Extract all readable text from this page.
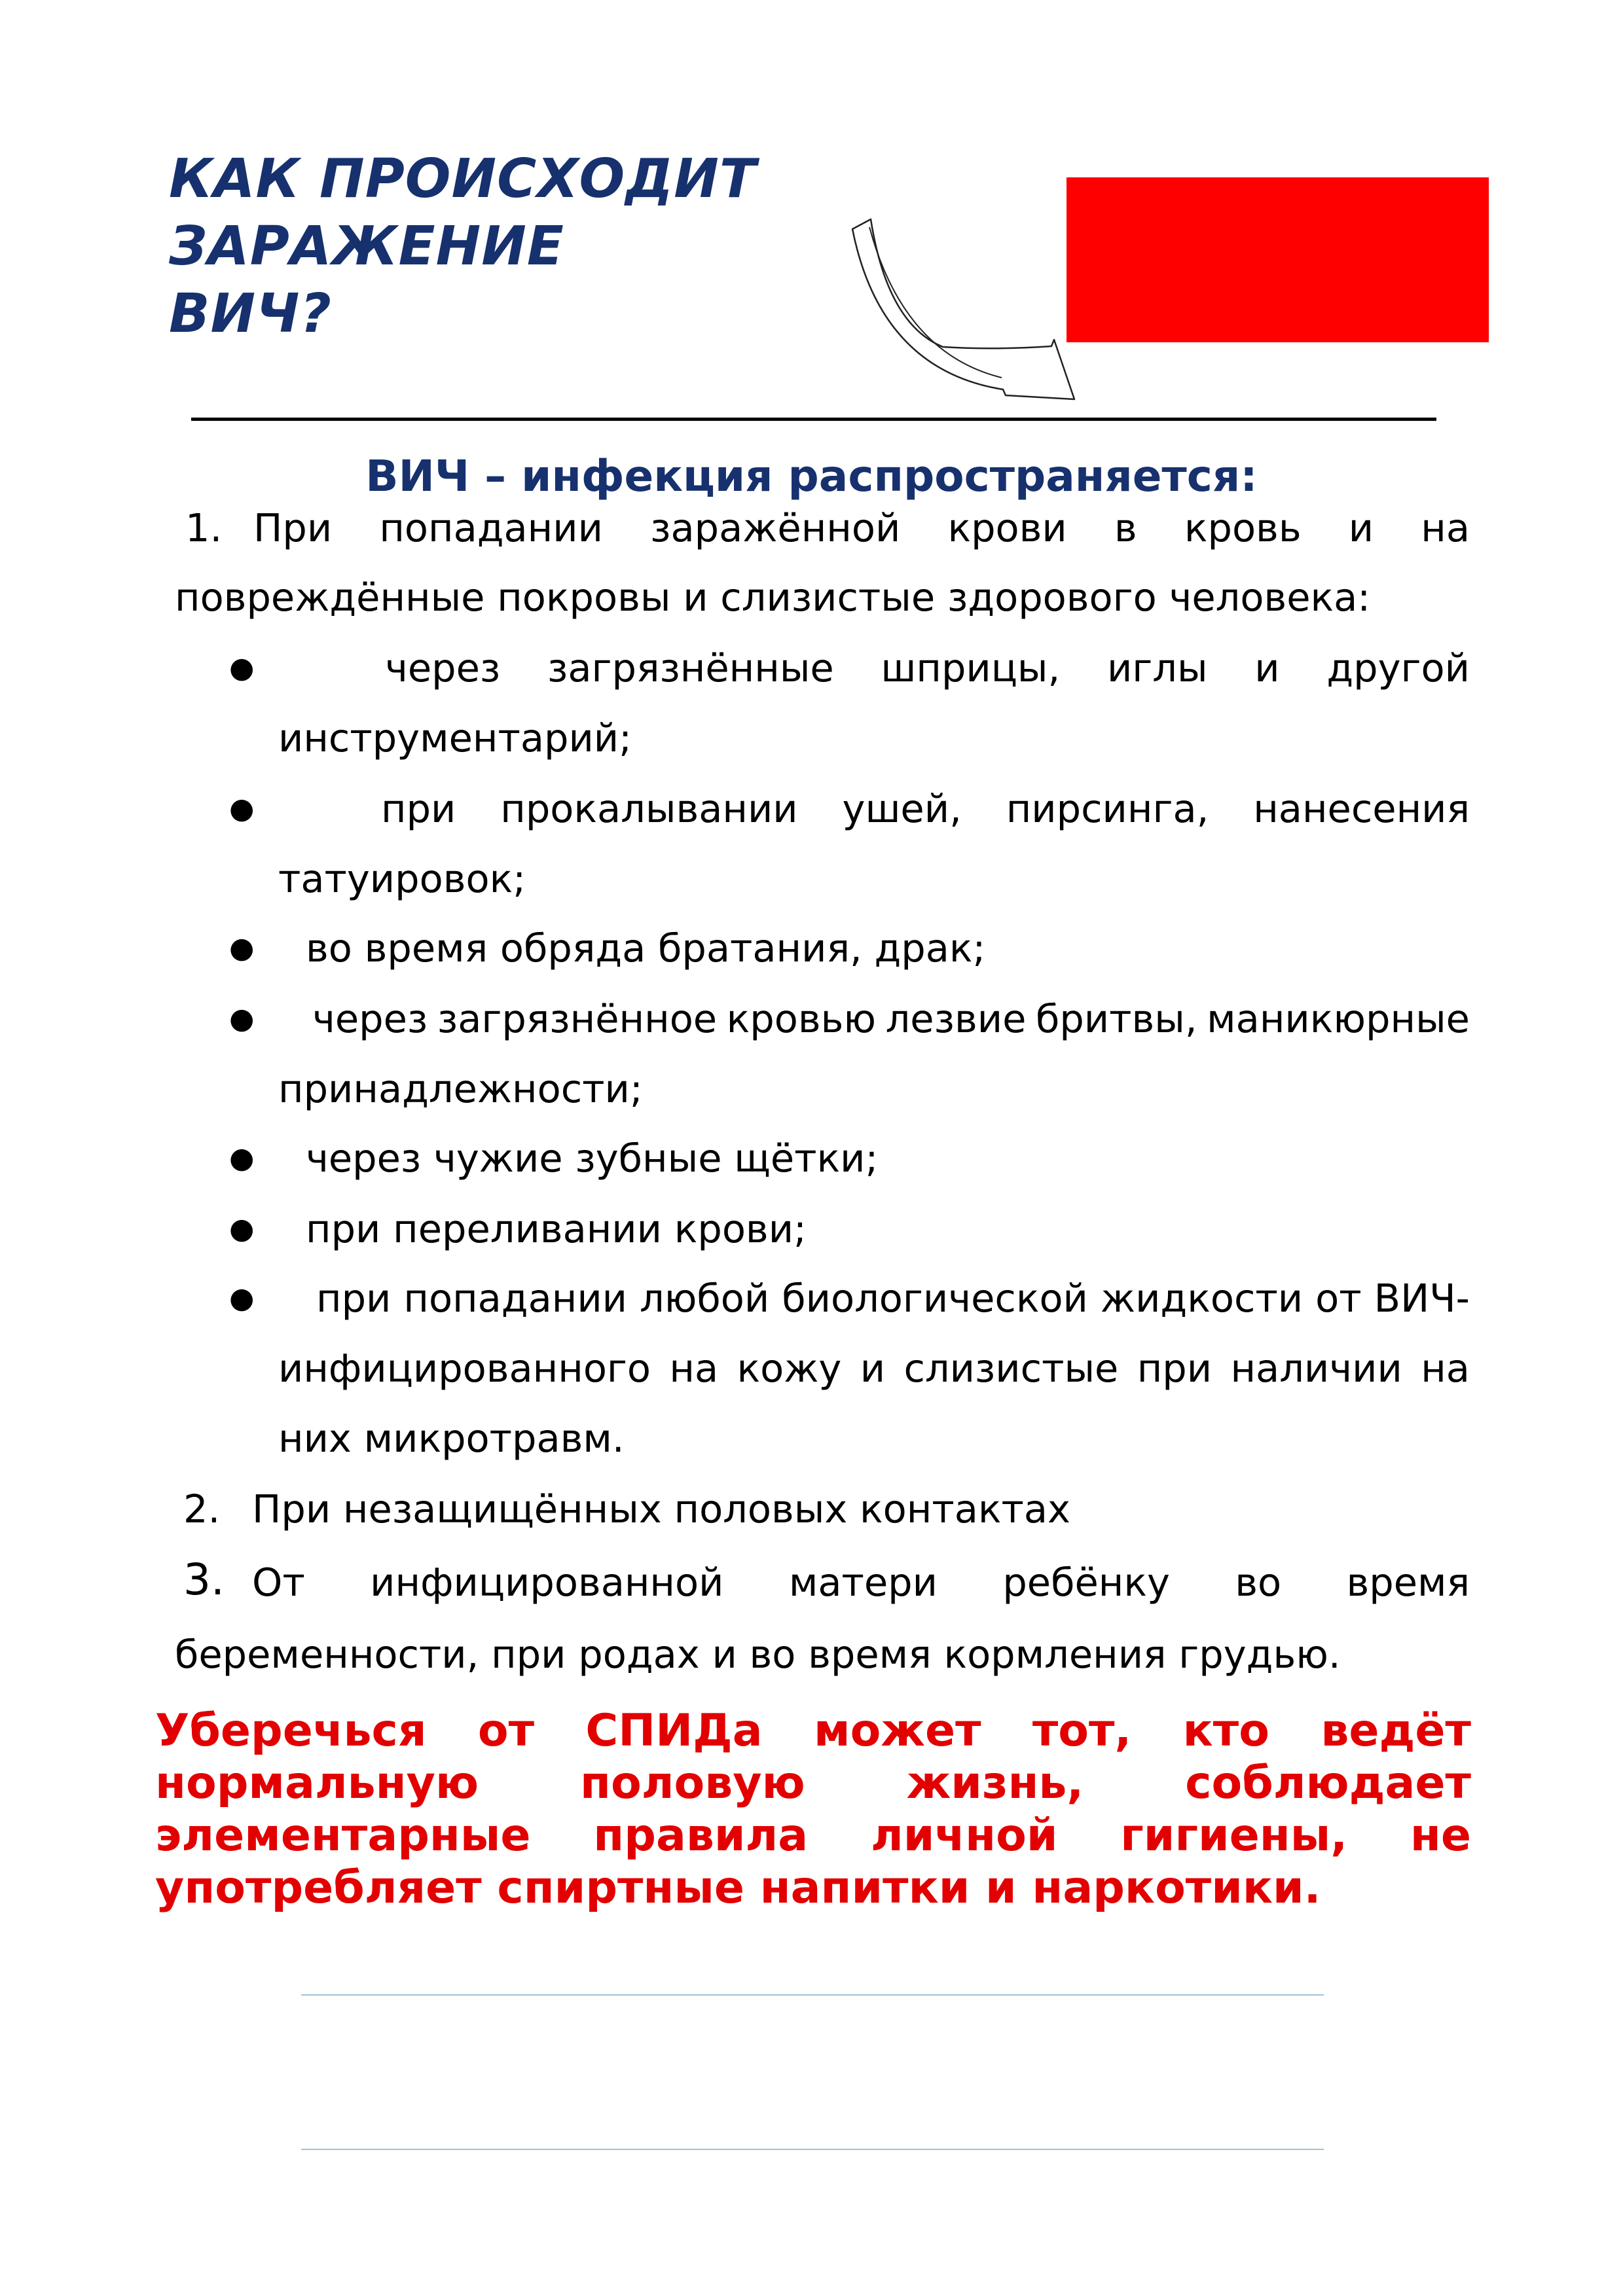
КАК ПРОИСХОДИТ
ЗАРАЖЕНИЕ
ВИЧ?
ВИЧ – инфекция распространяется:
1. При попадании заражённой крови в кровь и на
повреждённые покровы и слизистые здорового человека:
●	через загрязнённые шприцы, иглы и другой
инструментарий;
●	при прокалывании ушей, пирсинга, нанесения
татуировок;
● во время обряда братания, драк;
● через загрязнённое кровью лезвие бритвы, маникюрные
принадлежности;
● через чужие зубные щётки;
● при переливании крови;
● при попадании любой биологической жидкости от ВИЧ-
инфицированного на кожу и слизистые при наличии на
них микротравм.
2. При незащищённых половых контактах
3. От инфицированной матери ребёнку во время
беременности, при родах и во время кормления грудью.
Уберечься от СПИДа может тот, кто ведёт
нормальную половую жизнь, соблюдает
элементарные правила личной гигиены, не
употребляет спиртные напитки и наркотики.
